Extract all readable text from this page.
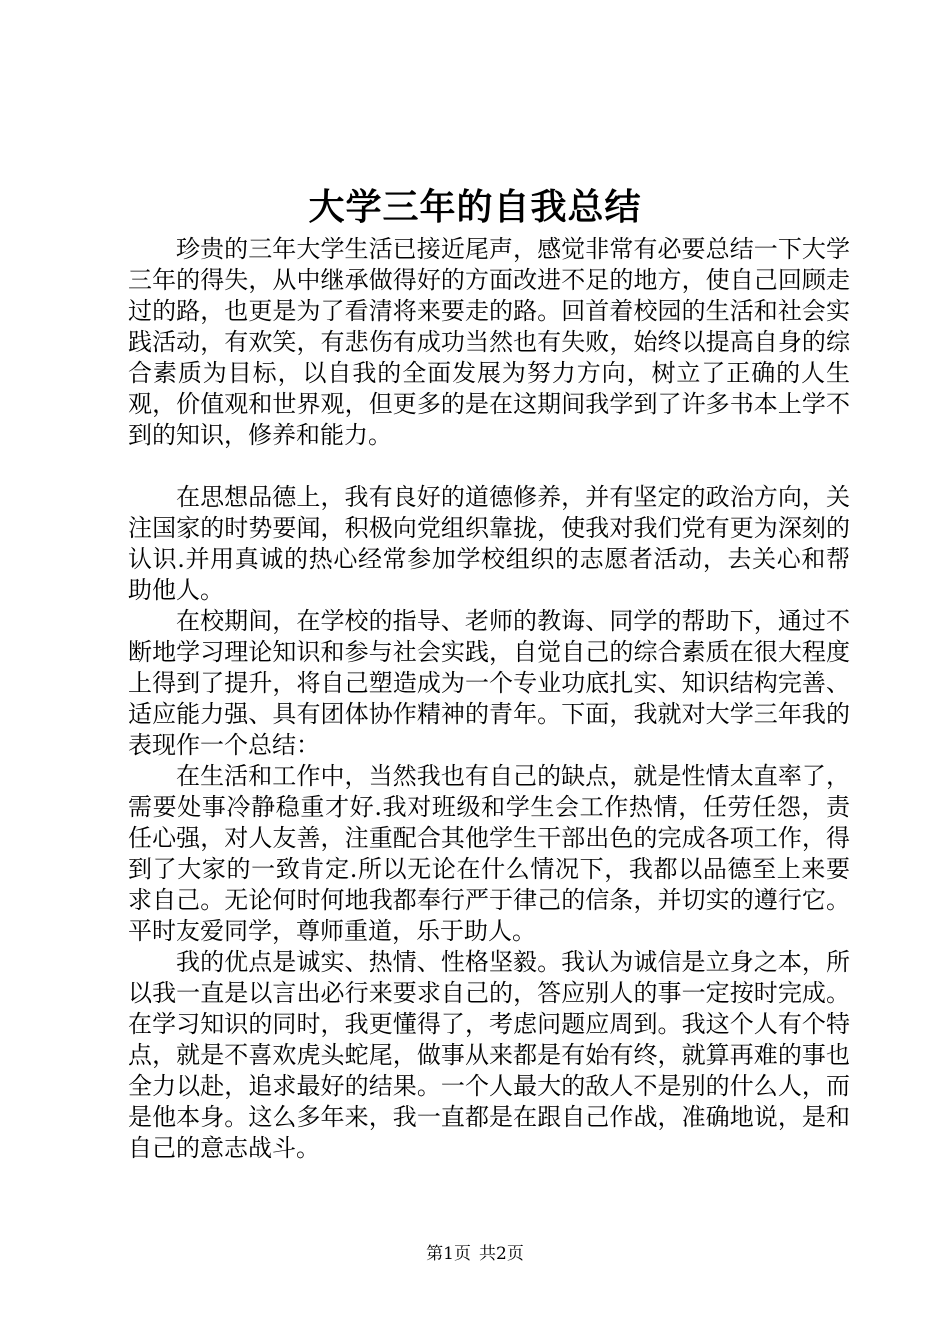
大学三年的自我总结

珍贵的三年大学生活已接近尾声，感觉非常有必要总结一下大学三年的得失，从中继承做得好的方面改进不足的地方，使自己回顾走过的路，也更是为了看清将来要走的路。回首着校园的生活和社会实践活动，有欢笑，有悲伤有成功当然也有失败，始终以提高自身的综合素质为目标，以自我的全面发展为努力方向，树立了正确的人生观，价值观和世界观，但更多的是在这期间我学到了许多书本上学不到的知识，修养和能力。

在思想品德上，我有良好的道德修养，并有坚定的政治方向，关注国家的时势要闻，积极向党组织靠拢，使我对我们党有更为深刻的认识.并用真诚的热心经常参加学校组织的志愿者活动，去关心和帮助他人。

在校期间，在学校的指导、老师的教诲、同学的帮助下，通过不断地学习理论知识和参与社会实践，自觉自己的综合素质在很大程度上得到了提升，将自己塑造成为一个专业功底扎实、知识结构完善、适应能力强、具有团体协作精神的青年。下面，我就对大学三年我的表现作一个总结：

在生活和工作中，当然我也有自己的缺点，就是性情太直率了，需要处事冷静稳重才好.我对班级和学生会工作热情，任劳任怨，责任心强，对人友善，注重配合其他学生干部出色的完成各项工作，得到了大家的一致肯定.所以无论在什么情况下，我都以品德至上来要求自己。无论何时何地我都奉行严于律己的信条，并切实的遵行它。平时友爱同学，尊师重道，乐于助人。

我的优点是诚实、热情、性格坚毅。我认为诚信是立身之本，所以我一直是以言出必行来要求自己的，答应别人的事一定按时完成。在学习知识的同时，我更懂得了，考虑问题应周到。我这个人有个特点，就是不喜欢虎头蛇尾，做事从来都是有始有终，就算再难的事也全力以赴，追求最好的结果。一个人最大的敌人不是别的什么人，而是他本身。这么多年来，我一直都是在跟自己作战，准确地说，是和自己的意志战斗。

第1页 共2页
